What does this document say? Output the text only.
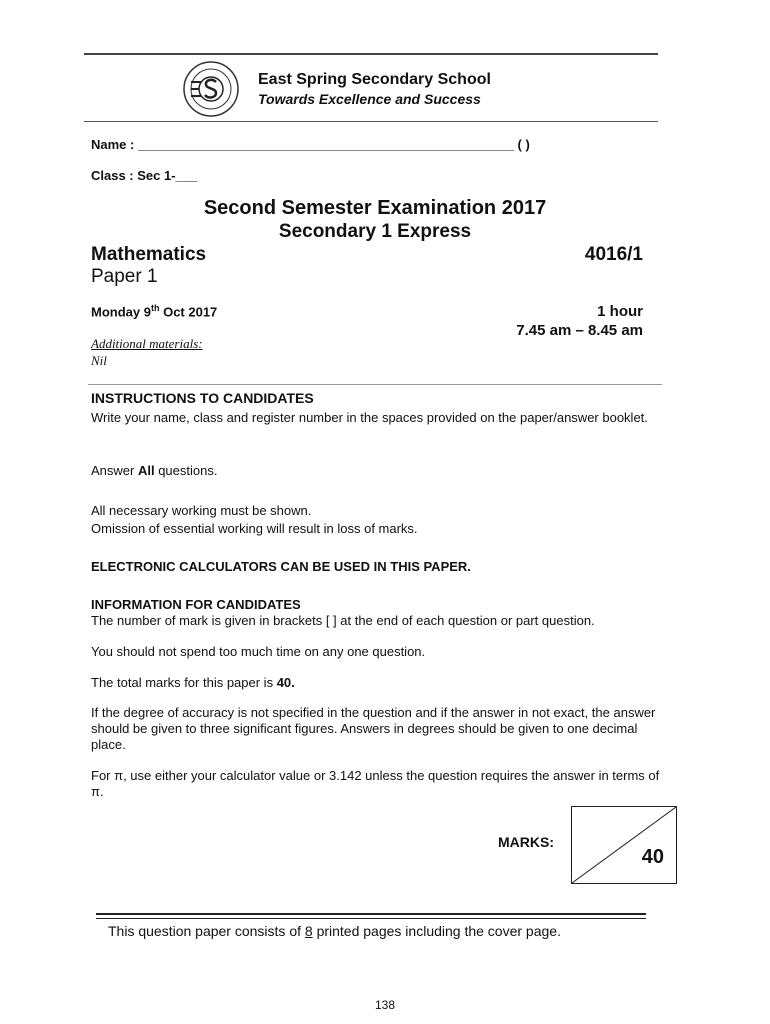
East Spring Secondary School
Towards Excellence and Success
Name : ____________________________________________________ ( )
Class : Sec 1-___
Second Semester Examination 2017
Secondary 1 Express
Mathematics	4016/1
Paper 1
Monday 9th Oct 2017	1 hour
7.45 am – 8.45 am
Additional materials:
Nil
INSTRUCTIONS TO CANDIDATES
Write your name, class and register number in the spaces provided on the paper/answer booklet.
Answer All questions.
All necessary working must be shown.
Omission of essential working will result in loss of marks.
ELECTRONIC CALCULATORS CAN BE USED IN THIS PAPER.
INFORMATION FOR CANDIDATES
The number of mark is given in brackets [ ] at the end of each question or part question.
You should not spend too much time on any one question.
The total marks for this paper is 40.
If the degree of accuracy is not specified in the question and if the answer in not exact, the answer should be given to three significant figures. Answers in degrees should be given to one decimal place.
For π, use either your calculator value or 3.142 unless the question requires the answer in terms of π.
MARKS:
40
This question paper consists of 8 printed pages including the cover page.
138
